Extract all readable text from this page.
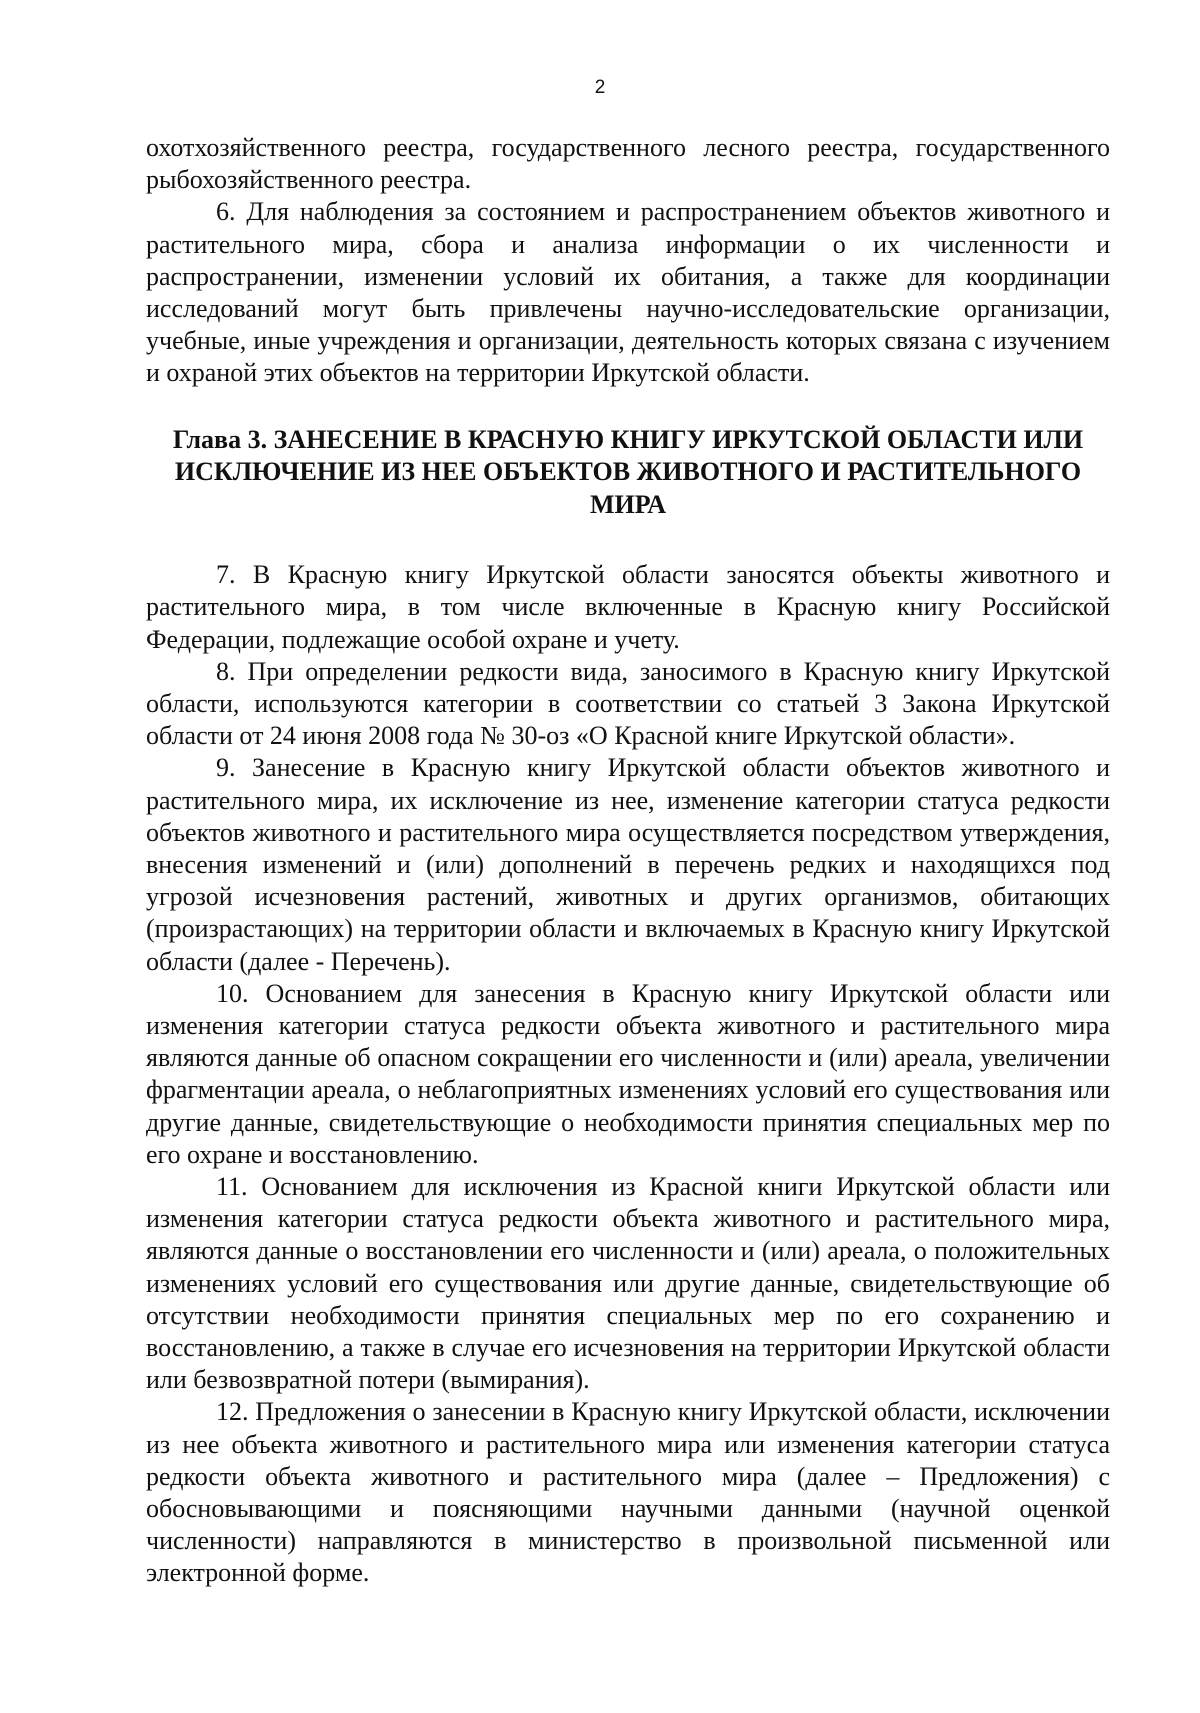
2

охотхозяйственного реестра, государственного лесного реестра, государственного рыбохозяйственного реестра.

6. Для наблюдения за состоянием и распространением объектов животного и растительного мира, сбора и анализа информации о их численности и распространении, изменении условий их обитания, а также для координации исследований могут быть привлечены научно-исследовательские организации, учебные, иные учреждения и организации, деятельность которых связана с изучением и охраной этих объектов на территории Иркутской области.

Глава 3. ЗАНЕСЕНИЕ В КРАСНУЮ КНИГУ ИРКУТСКОЙ ОБЛАСТИ ИЛИ ИСКЛЮЧЕНИЕ ИЗ НЕЕ ОБЪЕКТОВ ЖИВОТНОГО И РАСТИТЕЛЬНОГО МИРА

7. В Красную книгу Иркутской области заносятся объекты животного и растительного мира, в том числе включенные в Красную книгу Российской Федерации, подлежащие особой охране и учету.

8. При определении редкости вида, заносимого в Красную книгу Иркутской области, используются категории в соответствии со статьей 3 Закона Иркутской области от 24 июня 2008 года № 30-оз «О Красной книге Иркутской области».

9. Занесение в Красную книгу Иркутской области объектов животного и растительного мира, их исключение из нее, изменение категории статуса редкости объектов животного и растительного мира осуществляется посредством утверждения, внесения изменений и (или) дополнений в перечень редких и находящихся под угрозой исчезновения растений, животных и других организмов, обитающих (произрастающих) на территории области и включаемых в Красную книгу Иркутской области (далее - Перечень).

10. Основанием для занесения в Красную книгу Иркутской области или изменения категории статуса редкости объекта животного и растительного мира являются данные об опасном сокращении его численности и (или) ареала, увеличении фрагментации ареала, о неблагоприятных изменениях условий его существования или другие данные, свидетельствующие о необходимости принятия специальных мер по его охране и восстановлению.

11. Основанием для исключения из Красной книги Иркутской области или изменения категории статуса редкости объекта животного и растительного мира, являются данные о восстановлении его численности и (или) ареала, о положительных изменениях условий его существования или другие данные, свидетельствующие об отсутствии необходимости принятия специальных мер по его сохранению и восстановлению, а также в случае его исчезновения на территории Иркутской области или безвозвратной потери (вымирания).

12. Предложения о занесении в Красную книгу Иркутской области, исключении из нее объекта животного и растительного мира или изменения категории статуса редкости объекта животного и растительного мира (далее – Предложения) с обосновывающими и поясняющими научными данными (научной оценкой численности) направляются в министерство в произвольной письменной или электронной форме.
